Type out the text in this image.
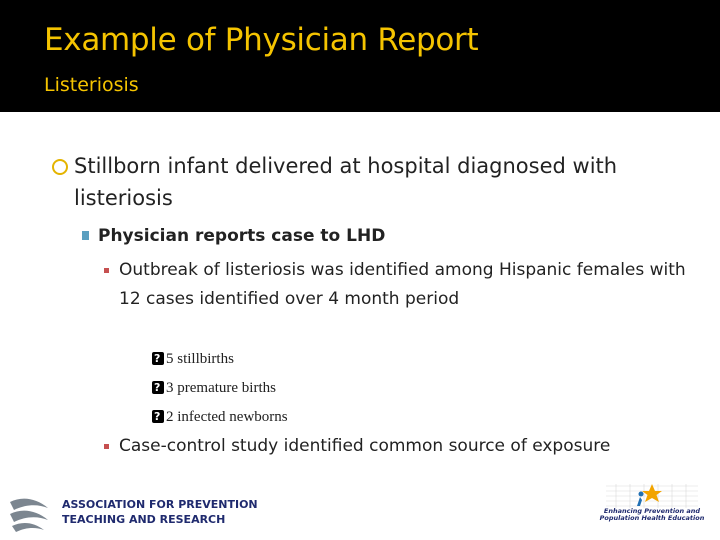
Example of Physician Report
Listeriosis
Stillborn infant delivered at hospital diagnosed with listeriosis
Physician reports case to LHD
Outbreak of listeriosis was identified among Hispanic females with 12 cases identified over 4 month period
?5 stillbirths
?3 premature births
?2 infected newborns
Case-control study identified common source of exposure
ASSOCIATION FOR PREVENTION
TEACHING AND RESEARCH
Enhancing Prevention and
Population Health Education
